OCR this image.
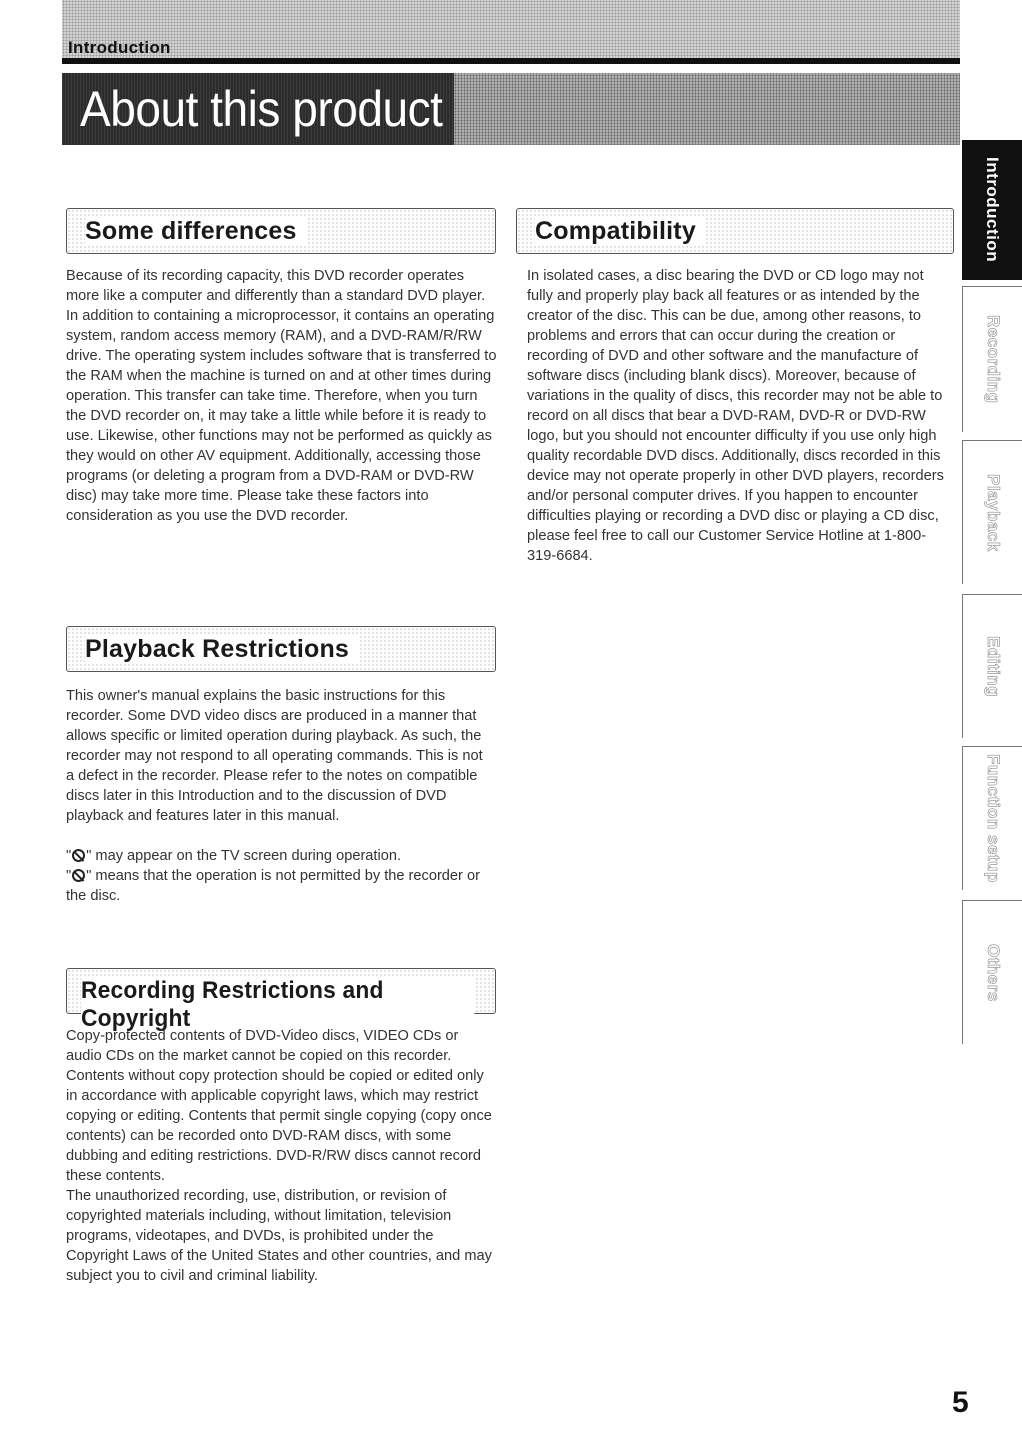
Introduction
About this product
Some differences

Because of its recording capacity, this DVD recorder operates more like a computer and differently than a standard DVD player. In addition to containing a microprocessor, it contains an operating system, random access memory (RAM), and a DVD-RAM/R/RW drive. The operating system includes software that is transferred to the RAM when the machine is turned on and at other times during operation. This transfer can take time. Therefore, when you turn the DVD recorder on, it may take a little while before it is ready to use. Likewise, other functions may not be performed as quickly as they would on other AV equipment. Additionally, accessing those programs (or deleting a program from a DVD-RAM or DVD-RW disc) may take more time. Please take these factors into consideration as you use the DVD recorder.

Compatibility

In isolated cases, a disc bearing the DVD or CD logo may not fully and properly play back all features or as intended by the creator of the disc. This can be due, among other reasons, to problems and errors that can occur during the creation or recording of DVD and other software and the manufacture of software discs (including blank discs). Moreover, because of variations in the quality of discs, this recorder may not be able to record on all discs that bear a DVD-RAM, DVD-R or DVD-RW logo, but you should not encounter difficulty if you use only high quality recordable DVD discs. Additionally, discs recorded in this device may not operate properly in other DVD players, recorders and/or personal computer drives. If you happen to encounter difficulties playing or recording a DVD disc or playing a CD disc, please feel free to call our Customer Service Hotline at 1-800-319-6684.

Playback Restrictions

This owner's manual explains the basic instructions for this recorder. Some DVD video discs are produced in a manner that allows specific or limited operation during playback. As such, the recorder may not respond to all operating commands. This is not a defect in the recorder. Please refer to the notes on compatible discs later in this Introduction and to the discussion of DVD playback and features later in this manual.

" " may appear on the TV screen during operation.

" " means that the operation is not permitted by the recorder or the disc.

Recording Restrictions and Copyright

Copy-protected contents of DVD-Video discs, VIDEO CDs or audio CDs on the market cannot be copied on this recorder. Contents without copy protection should be copied or edited only in accordance with applicable copyright laws, which may restrict copying or editing. Contents that permit single copying (copy once contents) can be recorded onto DVD-RAM discs, with some dubbing and editing restrictions. DVD-R/RW discs cannot record these contents.

The unauthorized recording, use, distribution, or revision of copyrighted materials including, without limitation, television programs, videotapes, and DVDs, is prohibited under the Copyright Laws of the United States and other countries, and may subject you to civil and criminal liability.

Introduction
Recording
Playback
Editing
Function setup
Others
5
